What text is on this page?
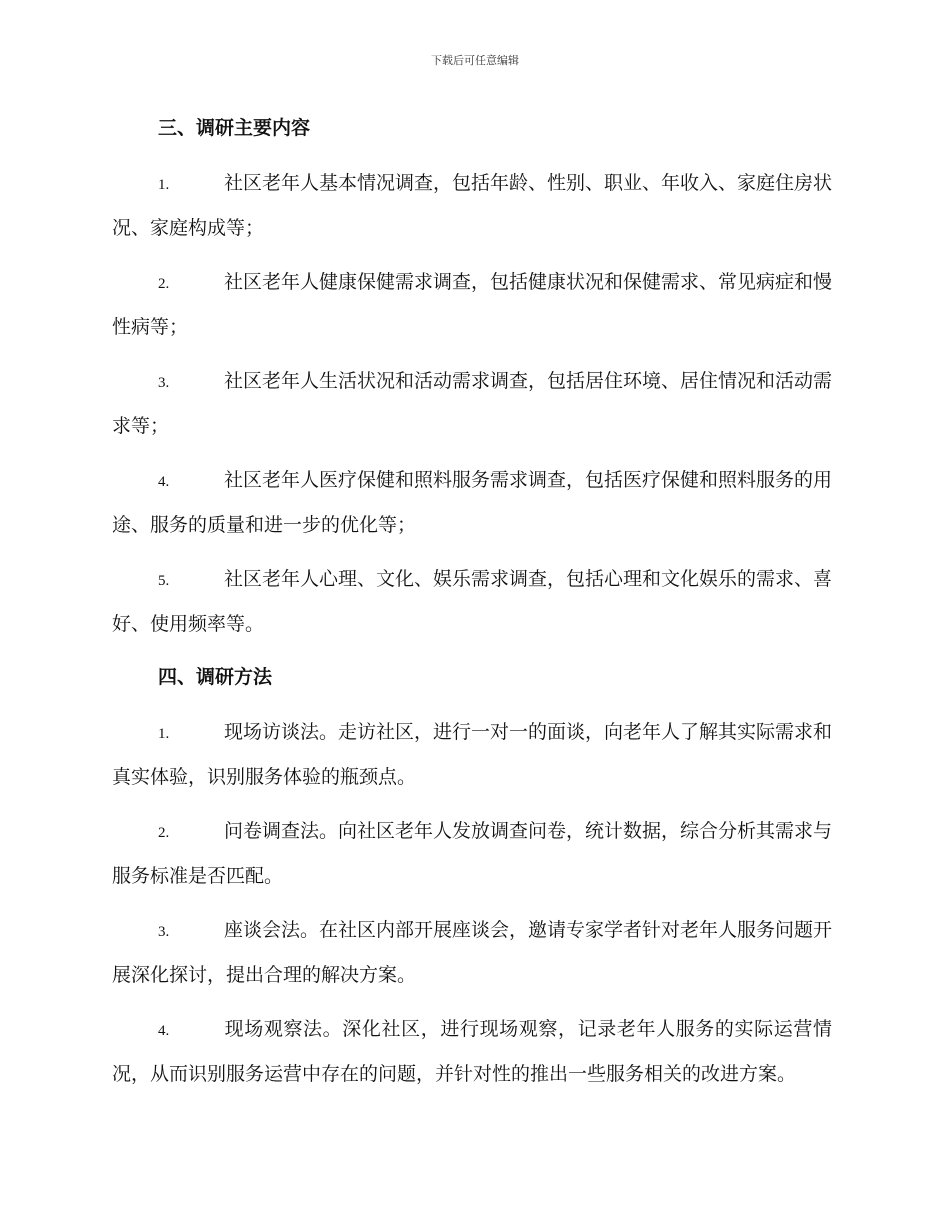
下载后可任意编辑
三、调研主要内容
1.	社区老年人基本情况调查，包括年龄、性别、职业、年收入、家庭住房状况、家庭构成等；
2.	社区老年人健康保健需求调查，包括健康状况和保健需求、常见病症和慢性病等；
3.	社区老年人生活状况和活动需求调查，包括居住环境、居住情况和活动需求等；
4.	社区老年人医疗保健和照料服务需求调查，包括医疗保健和照料服务的用途、服务的质量和进一步的优化等；
5.	社区老年人心理、文化、娱乐需求调查，包括心理和文化娱乐的需求、喜好、使用频率等。
四、调研方法
1.	现场访谈法。走访社区，进行一对一的面谈，向老年人了解其实际需求和真实体验，识别服务体验的瓶颈点。
2.	问卷调查法。向社区老年人发放调查问卷，统计数据，综合分析其需求与服务标准是否匹配。
3.	座谈会法。在社区内部开展座谈会，邀请专家学者针对老年人服务问题开展深化探讨，提出合理的解决方案。
4.	现场观察法。深化社区，进行现场观察，记录老年人服务的实际运营情况，从而识别服务运营中存在的问题，并针对性的推出一些服务相关的改进方案。
